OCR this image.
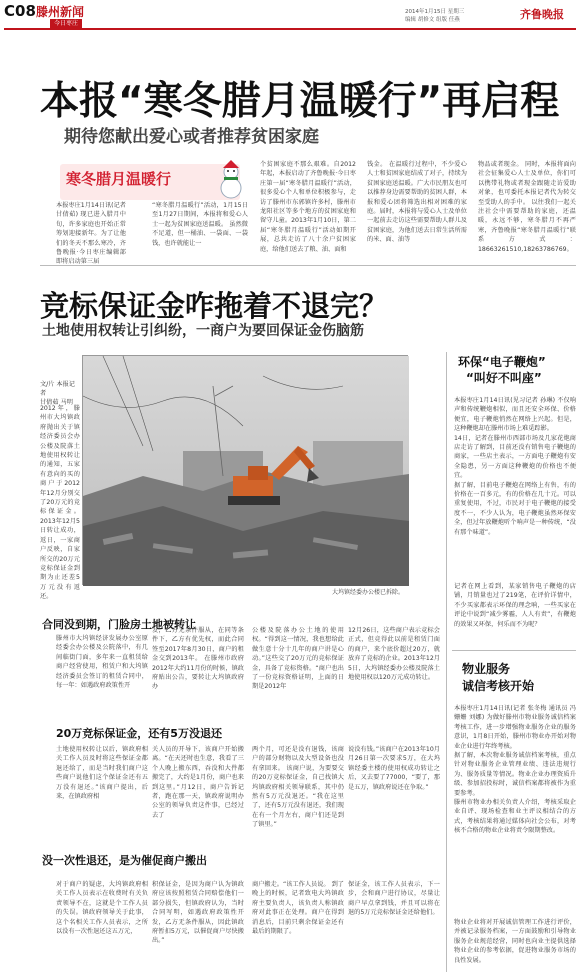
C08 滕州新闻
今日枣庄
2014年1月15日 星期三
编辑 胡修文 组版 任燕	齐鲁晚报
本报“寒冬腊月温暖行”再启程
期待您献出爱心或者推荐贫困家庭
寒冬腊月温暖行
本报枣庄1月14日讯(记者 甘倩茹) 现已进入腊月中旬，许多家庭也开始正常筹划迎接新年。为了让他们的冬天不那么寒冷，齐鲁晚报·今日枣庄编辑部即将启动第三届
“寒冬腊月温暖行”活动，1月15日至1月27日期间，本报将和爱心人士一起为贫困家庭送温暖。 虽然微不足道，但一桶油、一袋面、一袋钱，也许就能让一
个贫困家庭不那么艰难。自2012年起，本报启动了齐鲁晚报·今日枣庄第一届“寒冬腊月温暖行”活动，很多爱心个人和单位积极参与，走访了滕州市东郭镇许多村，滕州市龙阳社区等多个地方的贫困家庭和留守儿童。2013年1月10日，第二届“寒冬腊月温暖行”活动如期开展，总共走访了八十余户贫困家庭，给他们送去了粮、油、面和
钱金。 在温暖行过程中，不少爱心人士和贫困家庭结成了对子，持续为贫困家庭送温暖。广大市民朋友也可以推荐身边需要帮助的贫困人群，本报和爱心团将筛选出相对困难的家庭。届时，本报将与爱心人士及单位一起前去走访这些需要帮助人群儿及贫困家庭，为他们送去日常生活所需的米、面、油等
物品或者现金。 同时，本报将面向社会征集爱心人士及单位，你们可以携带礼物或者现金跟随走访爱助对象，也可委托本报记者代为转交至受助人的手中。 以往我们一起关注社会中需要帮助的家庭，还温暖，永远不够，寒冬腊月不再严寒，齐鲁晚报“寒冬腊月温暖行”联系方式：18663261510,18263786769。
竞标保证金咋拖着不退完？
土地使用权转让引纠纷，一商户为要回保证金伤脑筋
文/片 本报记者
甘倩茹 马明
2012年，滕州市大坞镇政府抛出关于镇经济委员会办公楼及院落土地使用权转让的通知，五家有意向的买的商户于2012年12月分别交了20万元的竞标保证金。2013年12月5日转让成功，返日，一家商户反映，自家所交的20万元竞标保证金到期为止还差5万元没有返还。
大坞镇经委办公楼已拆除。
合同没到期，门脸房土地被转让
滕州市大坞镇经济发展办公室原经委会办公楼及公院落中，有几间临街门面，多年来一直租赁给商户经营使用，租赁户和大坞镇经济委员会签订的租赁合同中，每一年：如遇政府政策性开
发，乙方无条件服从，在同等条件下，乙方有优先权，而此合同签至2017年8月30日，商户的租金交到2013年。 在滕州市政府2012年大约11月份的时候，镇政府贴出公告，要转让大坞镇政府办
公楼及院落办公土地的使用权。“得到这一情况，我也想给此做生意十分十几年的商户讲是心动。”这些交了20万元的竞标保证金，具备了竞标资格。“商户也出了一份竞标资格证明，上面的日期是2012年
12月26日，这些商户表示竞标会正式，但竞得此以前是租赁门面的商户，来个底价超过20万，就放弃了竞标的企业。2013年12月5日，大坞镇经委办公楼及院落土地使用权以120万元成功转让。
20万竞标保证金，还有5万没退还
土地使用权转让以后，镇政府相关工作人员及时将这些保证金都退还给了，而是当时我们商户这些商户说他们这个保证金还有五万没有退还。”该商户提出，后来，在镇政府相
关人员的开导下，该商户开始搬离。“在天还时也生意，我看了三个人晚上搬东西，吞没和大件都搬完了，大约是1月份，商户也来到这里。”月12日，商户告诉记者，跑在那一天，镇政府说明办公室的领导负责这件事，已经过去了
两个月，可还是没有退钱，该商户的部分财物以及大型设备也没有拿回来。 该商户说，为要要交的20万竞标保证金，自己找镇大坞镇政府相关领导联系，其中仍然有5万元没退还。“我在这里了，还有5万元没有退还，我们现在有一个月左右，商户们还是到了镇里。”
说没有钱。”该商户在2013年10月月26日第一次要求5万，在大坞镇经委主楼的使用权成功转让之后，又去要了77000，“要了，那是五万，镇政府说还在争取。”
没一次性退还，是为催促商户搬出
对于商户的疑虑，大坞镇政府相关工作人员表示在收费时有关负责领导不在，这就是个工作人员的失误。镇政府领导关于此事，这个名相关工作人员表示，之所以没有一次性退还这五万元，
积保证金，是因为商户认为镇政府应该按照租赁合同赔偿他们一部分损失，但镇政府认为，当时合同写明，如遇政府政策性开发，乙方无条件服从，因此镇政府暂扣5万元，以催促商户尽快搬出。”
商户搬走。“该工作人员说。 到了晚上的时候，记者致电大坞镇政府主要负责人，该负责人称镇政府对此事正在处理。商户在得到消息后，目前只剩余保证金还有最后的期限了。
保证金，该工作人员表示，下一步，会和商户进行协议，尽量让商户早点拿到钱，并且可以将在退的5万元竞标保证金还给他们。
环保“电子鞭炮”
“叫好不叫座”
本报枣庄1月14日讯(见习记者 孙琳) 不仅响声和传统鞭炮相似，而且还安全环保、价格便宜，电子鞭炮悄然在网络上兴起。但是，这种鞭炮却在滕州市场上难觅踪影。
14日，记者在滕州市西部市场及几家花炮商店走访了解到，目前还没有销售电子鞭炮的商家，一些店主表示，一方面电子鞭炮有安全隐患，另一方面这种鞭炮的价格也不便宜。
据了解，目前电子鞭炮在网络上有售，有的价格在一百多元，有的价格在几十元。可以重复使用，不过，市民对于电子鞭炮的接受度不一，不少人认为，电子鞭炮虽然环保安全，但过年放鞭炮听个响声是一种传统，“没有那个味道”。
记者在网上看到，某家销售电子鞭炮的店铺，月销量也过了219笔，在评价详情中，不少买家都表示环保的理念响，一些买家在评论中说到“减少雾霾，人人有责”，有鞭炮的效果又环保，何乐而不为呢？
物业服务
诚信考核开始
本报枣庄1月14日讯(记者 张冬梅 通讯员 冯姗姗 刘娜) 为做好滕州市物业服务诚信档案考核工作，进一步增强物业服务企业的服务意识，1月8日开始，滕州市物业办开始对物业企业进行年终考核。
据了解，本次物业服务诚信档案考核，重点针对物业服务企业管理业绩、违法违规行为、服务质量等情况。物业企业办理资质升级、参加招投标时，诚信档案都将被作为重要参考。
滕州市物业办相关负责人介绍，考核采取企业自评、现场检查和业主评议相结合的方式，考核结果将通过媒体向社会公布，对考核不合格的物业企业将责令限期整改。
物业企业将对开展诚信管理工作进行评价，并被记录服务档案，一方面鼓励和引导物业服务企业规范经营，同时也向业主提供选择物业企业的参考依据，促进物业服务市场的良性发展。
